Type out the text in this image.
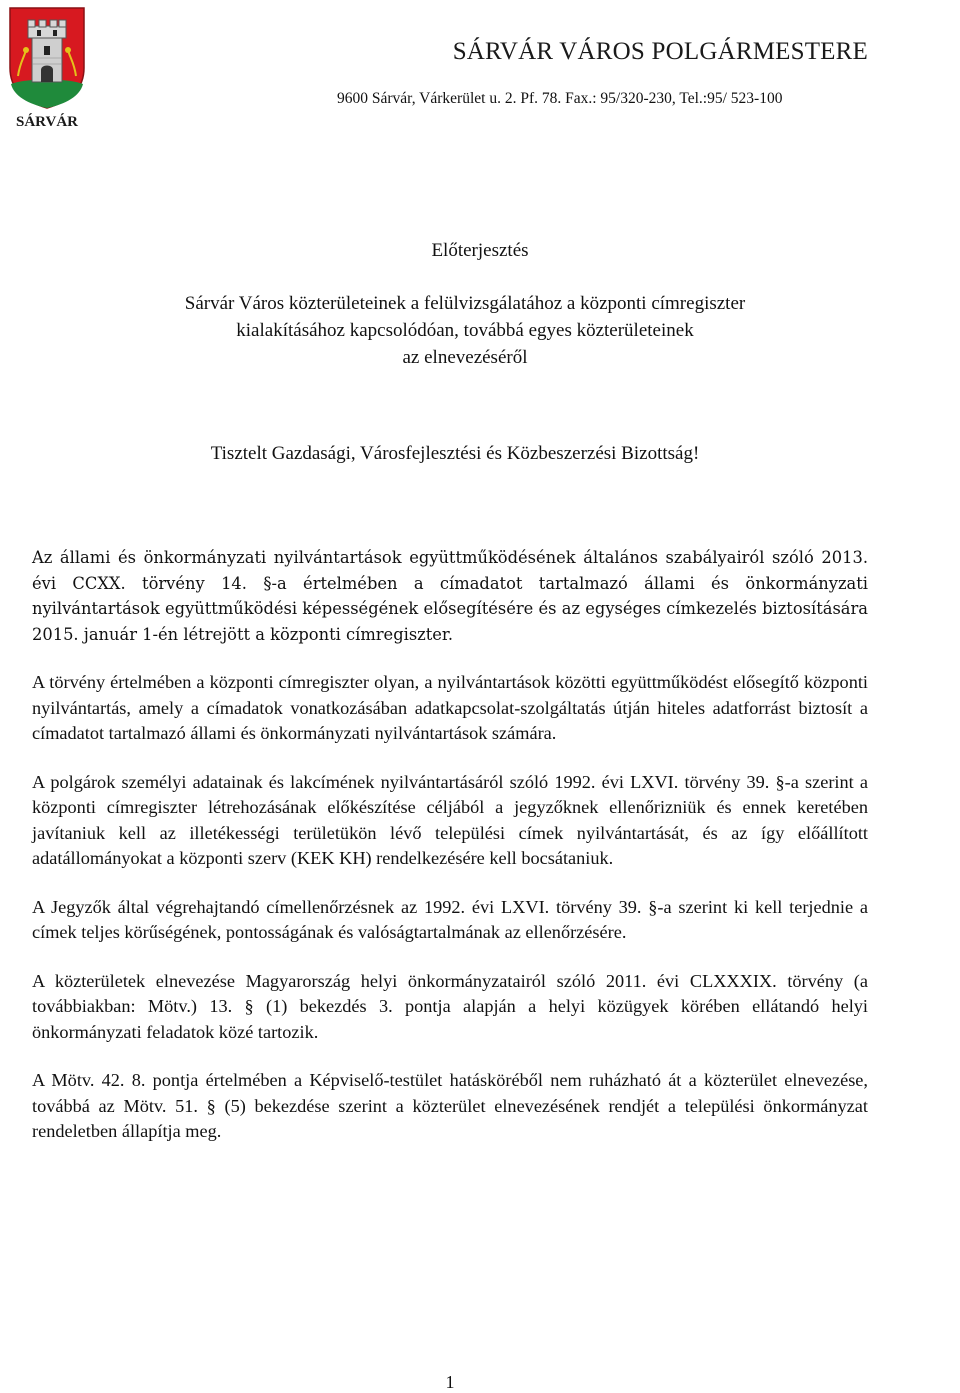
SÁRVÁR
SÁRVÁR VÁROS POLGÁRMESTERE
9600 Sárvár, Várkerület u. 2. Pf. 78. Fax.: 95/320-230, Tel.:95/ 523-100
Előterjesztés
Sárvár Város közterületeinek a felülvizsgálatához a központi címregiszter
kialakításához kapcsolódóan, továbbá egyes közterületeinek
az elnevezéséről
Tisztelt Gazdasági, Városfejlesztési és Közbeszerzési Bizottság!

Az állami és önkormányzati nyilvántartások együttműködésének általános szabályairól szóló 2013. évi CCXX. törvény 14. §-a értelmében a címadatot tartalmazó állami és önkormányzati nyilvántartások együttműködési képességének elősegítésére és az egységes címkezelés biztosítására 2015. január 1-én létrejött a központi címregiszter.

A törvény értelmében a központi címregiszter olyan, a nyilvántartások közötti együttműködést elősegítő központi nyilvántartás, amely a címadatok vonatkozásában adatkapcsolat-szolgáltatás útján hiteles adatforrást biztosít a címadatot tartalmazó állami és önkormányzati nyilvántartások számára.

A polgárok személyi adatainak és lakcímének nyilvántartásáról szóló 1992. évi LXVI. törvény 39. §-a szerint a központi címregiszter létrehozásának előkészítése céljából a jegyzőknek ellenőrizniük és ennek keretében javítaniuk kell az illetékességi területükön lévő települési címek nyilvántartását, és az így előállított adatállományokat a központi szerv (KEK KH) rendelkezésére kell bocsátaniuk.

A Jegyzők által végrehajtandó címellenőrzésnek az 1992. évi LXVI. törvény 39. §-a szerint ki kell terjednie a címek teljes körűségének, pontosságának és valóságtartalmának az ellenőrzésére.

A közterületek elnevezése Magyarország helyi önkormányzatairól szóló 2011. évi CLXXXIX. törvény (a továbbiakban: Mötv.) 13. § (1) bekezdés 3. pontja alapján a helyi közügyek körében ellátandó helyi önkormányzati feladatok közé tartozik.

A Mötv. 42. 8. pontja értelmében a Képviselő-testület hatásköréből nem ruházható át a közterület elnevezése, továbbá az Mötv. 51. § (5) bekezdése szerint a közterület elnevezésének rendjét a települési önkormányzat rendeletben állapítja meg.

1
